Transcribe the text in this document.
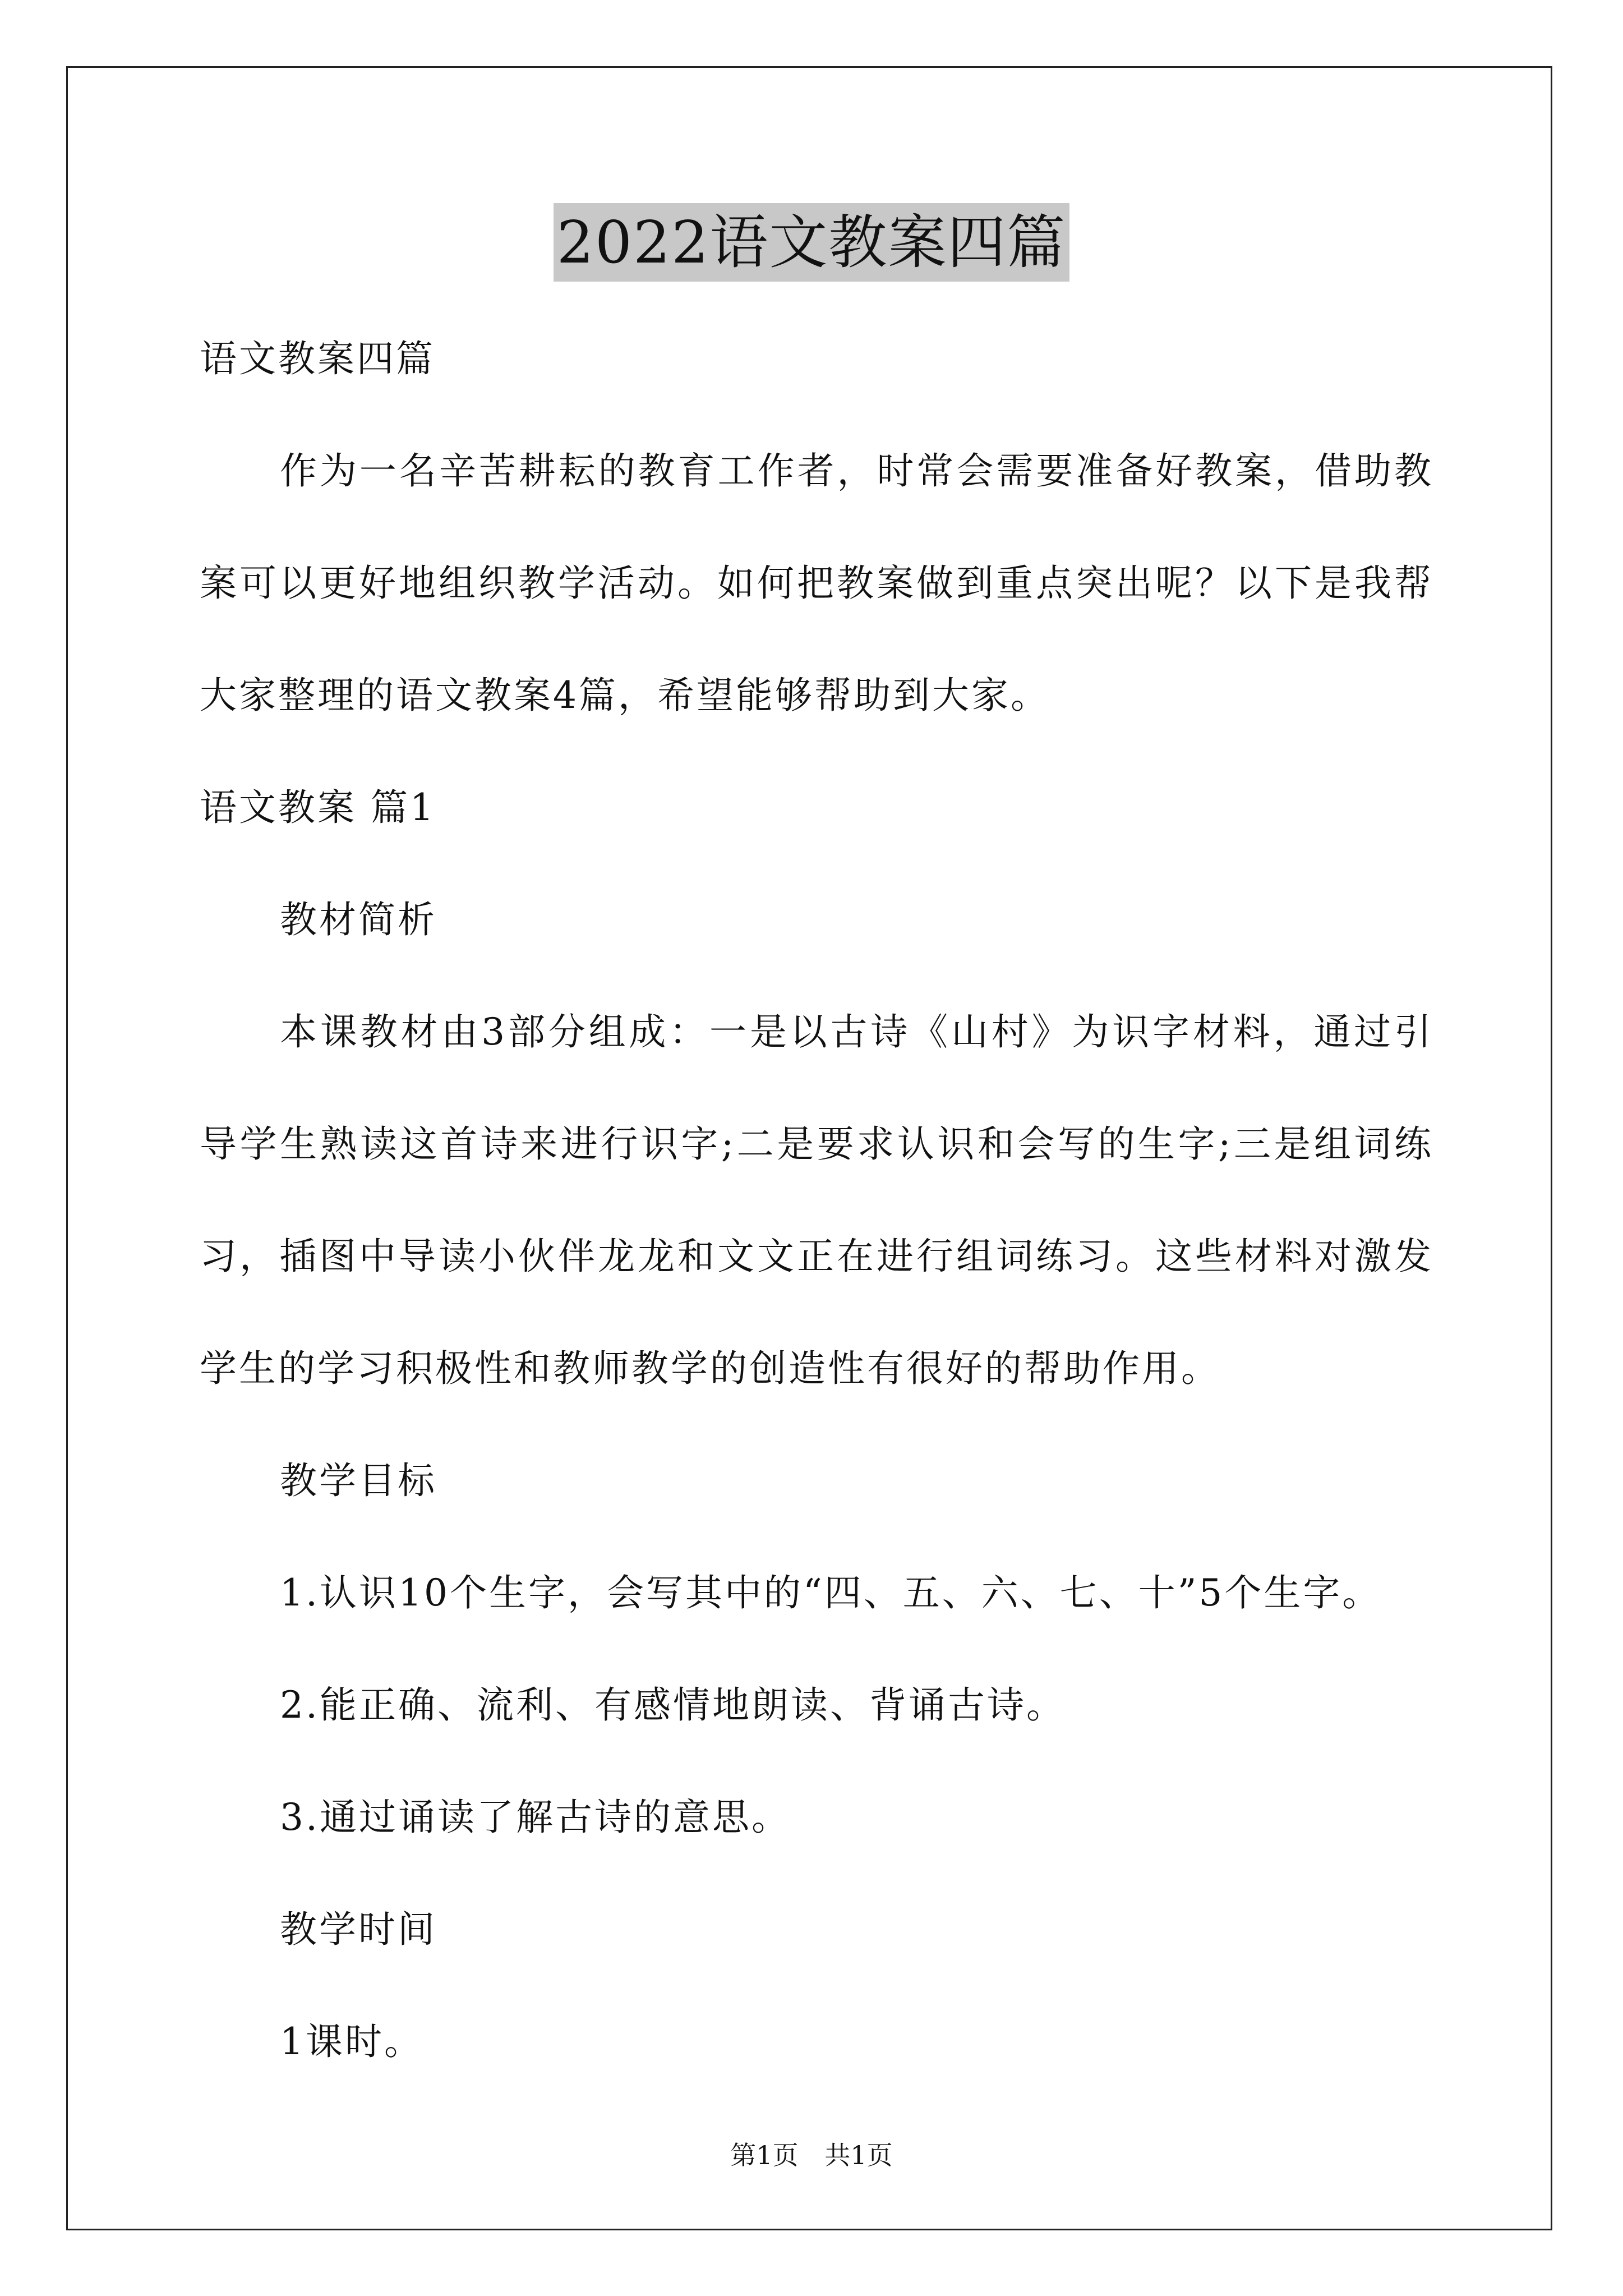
2022语文教案四篇
语文教案四篇
作为一名辛苦耕耘的教育工作者，时常会需要准备好教案，借助教案可以更好地组织教学活动。如何把教案做到重点突出呢？以下是我帮大家整理的语文教案4篇，希望能够帮助到大家。
语文教案 篇1
教材简析
本课教材由3部分组成：一是以古诗《山村》为识字材料，通过引导学生熟读这首诗来进行识字;二是要求认识和会写的生字;三是组词练习，插图中导读小伙伴龙龙和文文正在进行组词练习。这些材料对激发学生的学习积极性和教师教学的创造性有很好的帮助作用。
教学目标
1.认识10个生字，会写其中的“四、五、六、七、十”5个生字。
2.能正确、流利、有感情地朗读、背诵古诗。
3.通过诵读了解古诗的意思。
教学时间
1课时。
第1页 共1页
